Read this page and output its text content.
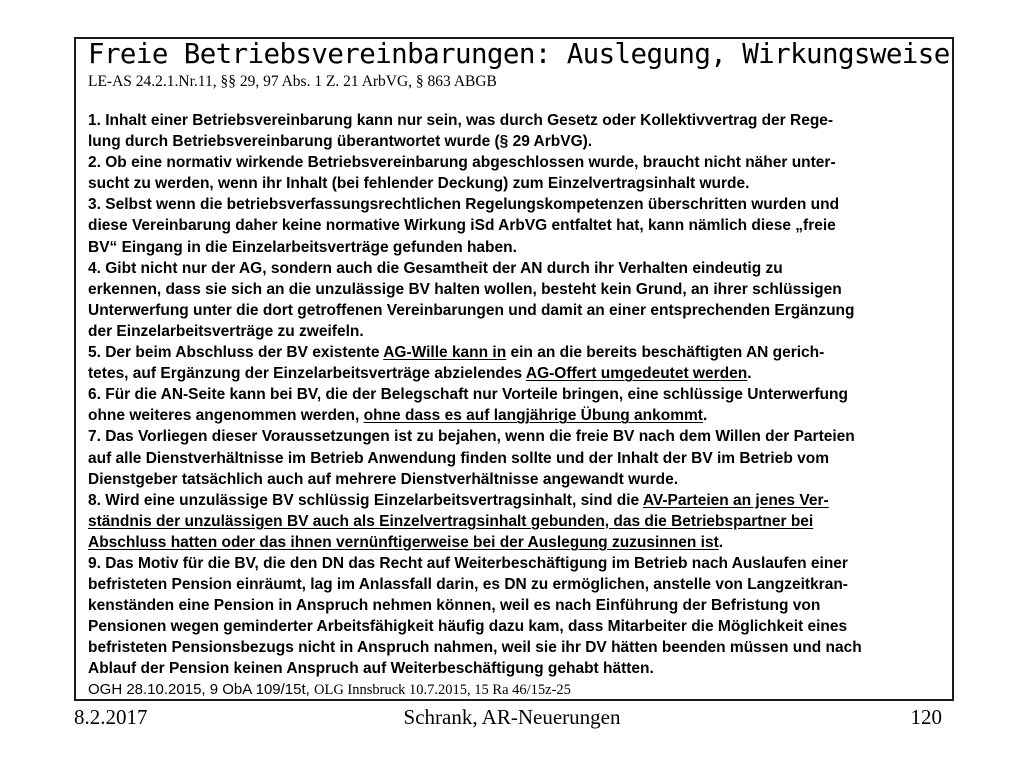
Freie Betriebsvereinbarungen: Auslegung, Wirkungsweise
LE-AS 24.2.1.Nr.11, §§ 29, 97 Abs. 1 Z. 21 ArbVG, § 863 ABGB
1. Inhalt einer Betriebsvereinbarung kann nur sein, was durch Gesetz oder Kollektivvertrag der Rege-
lung durch Betriebsvereinbarung überantwortet wurde (§ 29 ArbVG).
2. Ob eine normativ wirkende Betriebsvereinbarung abgeschlossen wurde, braucht nicht näher unter-
sucht zu werden, wenn ihr Inhalt (bei fehlender Deckung) zum Einzelvertragsinhalt wurde.
3. Selbst wenn die betriebsverfassungsrechtlichen Regelungskompetenzen überschritten wurden und
diese Vereinbarung daher keine normative Wirkung iSd ArbVG entfaltet hat, kann nämlich diese „freie
BV“ Eingang in die Einzelarbeitsverträge gefunden haben.
4. Gibt nicht nur der AG, sondern auch die Gesamtheit der AN durch ihr Verhalten eindeutig zu
erkennen, dass sie sich an die unzulässige BV halten wollen, besteht kein Grund, an ihrer schlüssigen
Unterwerfung unter die dort getroffenen Vereinbarungen und damit an einer entsprechenden Ergänzung
der Einzelarbeitsverträge zu zweifeln.
5. Der beim Abschluss der BV existente AG-Wille kann in ein an die bereits beschäftigten AN gerich-
tetes, auf Ergänzung der Einzelarbeitsverträge abzielendes AG-Offert umgedeutet werden.
6. Für die AN-Seite kann bei BV, die der Belegschaft nur Vorteile bringen, eine schlüssige Unterwerfung
ohne weiteres angenommen werden, ohne dass es auf langjährige Übung ankommt.
7. Das Vorliegen dieser Voraussetzungen ist zu bejahen, wenn die freie BV nach dem Willen der Parteien
auf alle Dienstverhältnisse im Betrieb Anwendung finden sollte und der Inhalt der BV im Betrieb vom
Dienstgeber tatsächlich auch auf mehrere Dienstverhältnisse angewandt wurde.
8. Wird eine unzulässige BV schlüssig Einzelarbeitsvertragsinhalt, sind die AV-Parteien an jenes Ver-
ständnis der unzulässigen BV auch als Einzelvertragsinhalt gebunden, das die Betriebspartner bei
Abschluss hatten oder das ihnen vernünftigerweise bei der Auslegung zuzusinnen ist.
9. Das Motiv für die BV, die den DN das Recht auf Weiterbeschäftigung im Betrieb nach Auslaufen einer
befristeten Pension einräumt, lag im Anlassfall darin, es DN zu ermöglichen, anstelle von Langzeitkran-
kenständen eine Pension in Anspruch nehmen können, weil es nach Einführung der Befristung von
Pensionen wegen geminderter Arbeitsfähigkeit häufig dazu kam, dass Mitarbeiter die Möglichkeit eines
befristeten Pensionsbezugs nicht in Anspruch nahmen, weil sie ihr DV hätten beenden müssen und nach
Ablauf der Pension keinen Anspruch auf Weiterbeschäftigung gehabt hätten.
OGH 28.10.2015, 9 ObA 109/15t, OLG Innsbruck 10.7.2015, 15 Ra 46/15z-25
8.2.2017	Schrank, AR-Neuerungen	120
